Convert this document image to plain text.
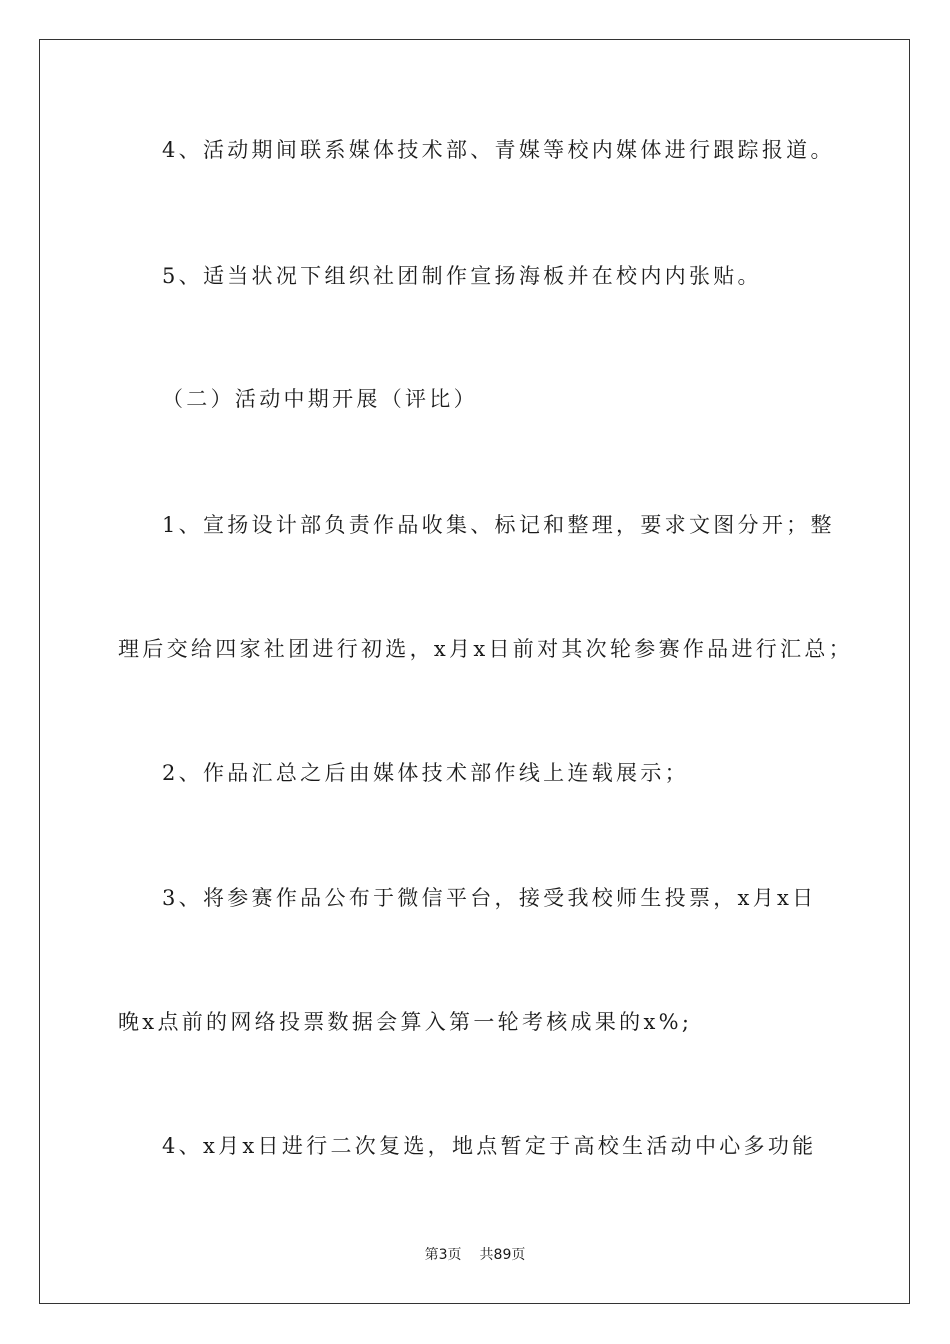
4、活动期间联系媒体技术部、青媒等校内媒体进行跟踪报道。
5、适当状况下组织社团制作宣扬海板并在校内内张贴。
（二）活动中期开展（评比）
1、宣扬设计部负责作品收集、标记和整理，要求文图分开；整
理后交给四家社团进行初选，x月x日前对其次轮参赛作品进行汇总；
2、作品汇总之后由媒体技术部作线上连载展示；
3、将参赛作品公布于微信平台，接受我校师生投票，x月x日
晚x点前的网络投票数据会算入第一轮考核成果的x%;
4、x月x日进行二次复选，地点暂定于高校生活动中心多功能
第3页 共89页
